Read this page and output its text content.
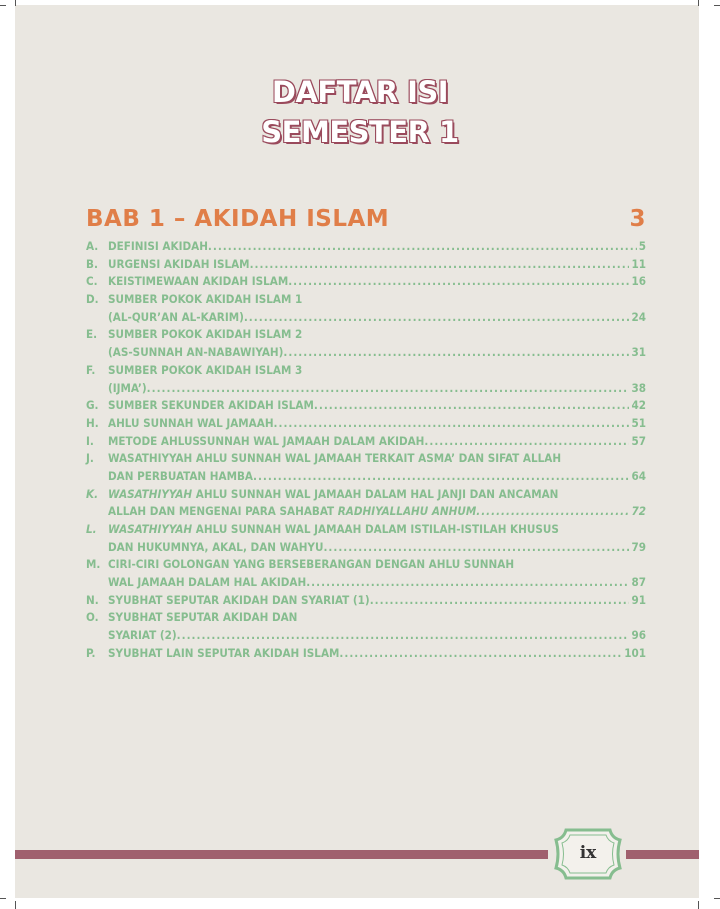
DAFTAR ISI
SEMESTER 1
BAB 1 – AKIDAH ISLAM	3
A. DEFINISI AKIDAH .....	5
B. URGENSI AKIDAH ISLAM .....	11
C. KEISTIMEWAAN AKIDAH ISLAM .....	16
D. SUMBER POKOK AKIDAH ISLAM 1
(AL-QUR’AN AL-KARIM) .....	24
E. SUMBER POKOK AKIDAH ISLAM 2
(AS-SUNNAH AN-NABAWIYAH) .....	31
F. SUMBER POKOK AKIDAH ISLAM 3
(IJMA’) .....	38
G. SUMBER SEKUNDER AKIDAH ISLAM .....	42
H. AHLU SUNNAH WAL JAMAAH .....	51
I. METODE AHLUSSUNNAH WAL JAMAAH DALAM AKIDAH .....	57
J. WASATHIYYAH AHLU SUNNAH WAL JAMAAH TERKAIT ASMA’ DAN SIFAT ALLAH
DAN PERBUATAN HAMBA .....	64
K. WASATHIYYAH AHLU SUNNAH WAL JAMAAH DALAM HAL JANJI DAN ANCAMAN
ALLAH DAN MENGENAI PARA SAHABAT RADHIYALLAHU ANHUM .....	72
L. WASATHIYYAH AHLU SUNNAH WAL JAMAAH DALAM ISTILAH-ISTILAH KHUSUS
DAN HUKUMNYA, AKAL, DAN WAHYU .....	79
M. CIRI-CIRI GOLONGAN YANG BERSEBERANGAN DENGAN AHLU SUNNAH
WAL JAMAAH DALAM HAL AKIDAH .....	87
N. SYUBHAT SEPUTAR AKIDAH DAN SYARIAT (1) .....	91
O. SYUBHAT SEPUTAR AKIDAH DAN
SYARIAT (2) .....	96
P. SYUBHAT LAIN SEPUTAR AKIDAH ISLAM .....	101
ix
